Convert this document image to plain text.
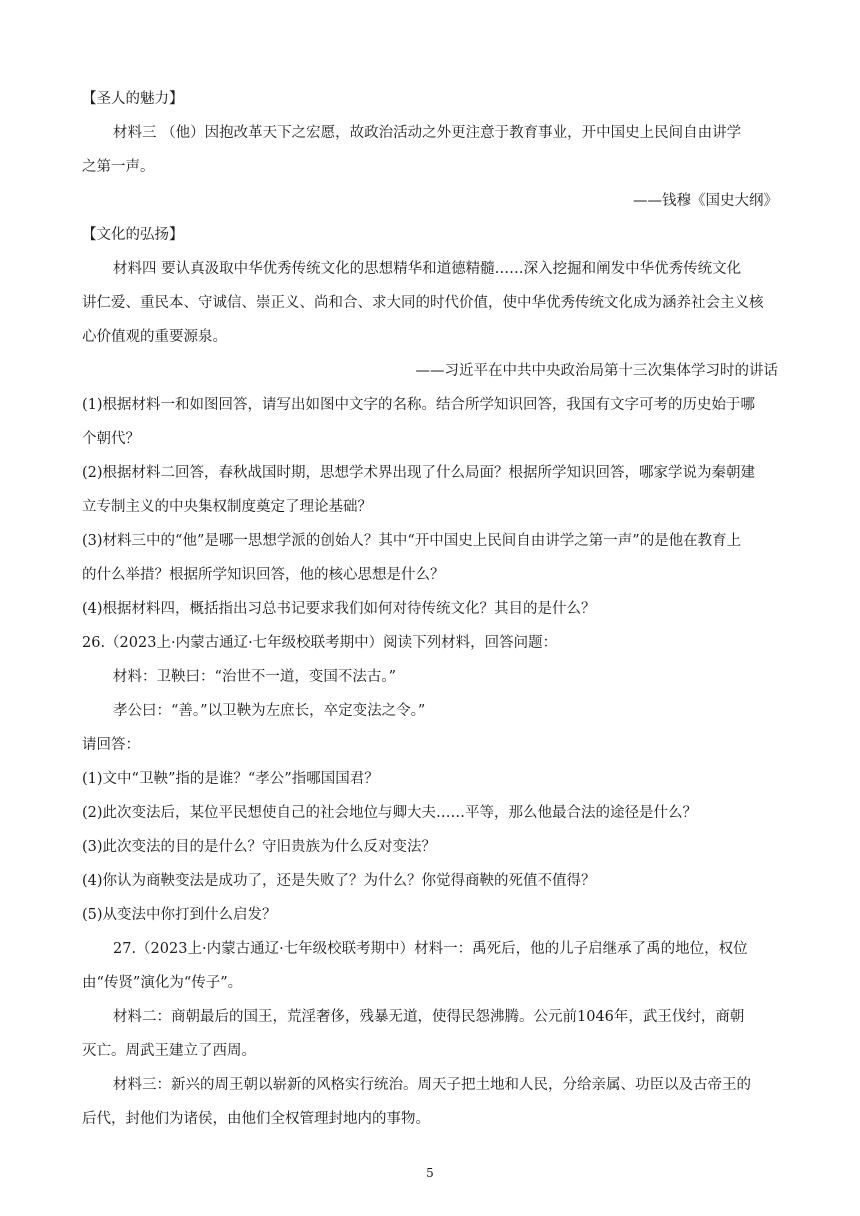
【圣人的魅力】
材料三 （他）因抱改革天下之宏愿，故政治活动之外更注意于教育事业，开中国史上民间自由讲学
之第一声。
——钱穆《国史大纲》
【文化的弘扬】
材料四 要认真汲取中华优秀传统文化的思想精华和道德精髓……深入挖掘和阐发中华优秀传统文化
讲仁爱、重民本、守诚信、崇正义、尚和合、求大同的时代价值，使中华优秀传统文化成为涵养社会主义核
心价值观的重要源泉。
——习近平在中共中央政治局第十三次集体学习时的讲话
(1)根据材料一和如图回答，请写出如图中文字的名称。结合所学知识回答，我国有文字可考的历史始于哪
个朝代？
(2)根据材料二回答，春秋战国时期，思想学术界出现了什么局面？根据所学知识回答，哪家学说为秦朝建
立专制主义的中央集权制度奠定了理论基础？
(3)材料三中的“他”是哪一思想学派的创始人？其中“开中国史上民间自由讲学之第一声”的是他在教育上
的什么举措？根据所学知识回答，他的核心思想是什么？
(4)根据材料四，概括指出习总书记要求我们如何对待传统文化？其目的是什么？
26.（2023上·内蒙古通辽·七年级校联考期中）阅读下列材料，回答问题：
材料：卫鞅曰：“治世不一道，变国不法古。”
孝公曰：“善。”以卫鞅为左庶长，卒定变法之令。”
请回答：
(1)文中“卫鞅”指的是谁？“孝公”指哪国国君？
(2)此次变法后，某位平民想使自己的社会地位与卿大夫……平等，那么他最合法的途径是什么？
(3)此次变法的目的是什么？守旧贵族为什么反对变法？
(4)你认为商鞅变法是成功了，还是失败了？为什么？你觉得商鞅的死值不值得？
(5)从变法中你打到什么启发？
27.（2023上·内蒙古通辽·七年级校联考期中）材料一：禹死后，他的儿子启继承了禹的地位，权位
由“传贤”演化为“传子”。
材料二：商朝最后的国王，荒淫奢侈，残暴无道，使得民怨沸腾。公元前1046年，武王伐纣，商朝
灭亡。周武王建立了西周。
材料三：新兴的周王朝以崭新的风格实行统治。周天子把土地和人民，分给亲属、功臣以及古帝王的
后代，封他们为诸侯，由他们全权管理封地内的事物。
5
